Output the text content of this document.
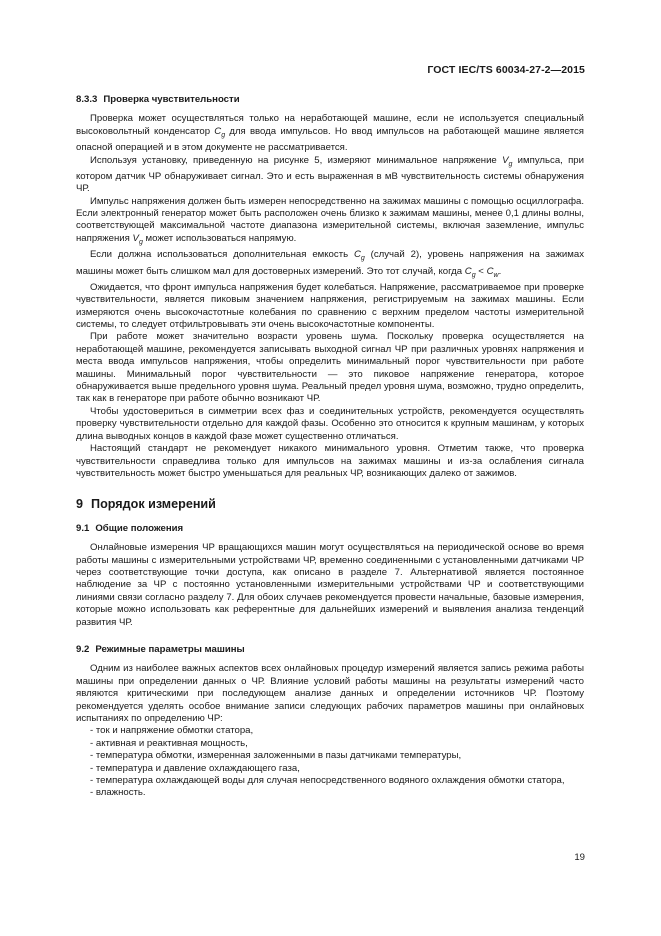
ГОСТ IEC/TS 60034-27-2—2015
8.3.3 Проверка чувствительности

Проверка может осуществляться только на неработающей машине, если не используется специальный высоковольтный конденсатор $C_g$ для ввода импульсов. Но ввод импульсов на работающей машине является опасной операцией и в этом документе не рассматривается.

Используя установку, приведенную на рисунке 5, измеряют минимальное напряжение $V_g$ импульса, при котором датчик ЧР обнаруживает сигнал. Это и есть выраженная в мВ чувствительность системы обнаружения ЧР.

Импульс напряжения должен быть измерен непосредственно на зажимах машины с помощью осциллографа. Если электронный генератор может быть расположен очень близко к зажимам машины, менее 0,1 длины волны, соответствующей максимальной частоте диапазона измерительной системы, включая заземление, импульс напряжения $V_g$ может использоваться напрямую.

Если должна использоваться дополнительная емкость $C_g$ (случай 2), уровень напряжения на зажимах машины может быть слишком мал для достоверных измерений. Это тот случай, когда $C_g < C_w$.

Ожидается, что фронт импульса напряжения будет колебаться. Напряжение, рассматриваемое при проверке чувствительности, является пиковым значением напряжения, регистрируемым на зажимах машины. Если измеряются очень высокочастотные колебания по сравнению с верхним пределом частоты измерительной системы, то следует отфильтровывать эти очень высокочастотные компоненты.

При работе может значительно возрасти уровень шума. Поскольку проверка осуществляется на неработающей машине, рекомендуется записывать выходной сигнал ЧР при различных уровнях напряжения и места ввода импульсов напряжения, чтобы определить минимальный порог чувствительности при работе машины. Минимальный порог чувствительности — это пиковое напряжение генератора, которое обнаруживается выше предельного уровня шума. Реальный предел уровня шума, возможно, трудно определить, так как в генераторе при работе обычно возникают ЧР.

Чтобы удостовериться в симметрии всех фаз и соединительных устройств, рекомендуется осуществлять проверку чувствительности отдельно для каждой фазы. Особенно это относится к крупным машинам, у которых длина выводных концов в каждой фазе может существенно отличаться.

Настоящий стандарт не рекомендует никакого минимального уровня. Отметим также, что проверка чувствительности справедлива только для импульсов на зажимах машины и из-за ослабления сигнала чувствительность может быстро уменьшаться для реальных ЧР, возникающих далеко от зажимов.

9 Порядок измерений
9.1 Общие положения

Онлайновые измерения ЧР вращающихся машин могут осуществляться на периодической основе во время работы машины с измерительными устройствами ЧР, временно соединенными с установленными датчиками ЧР через соответствующие точки доступа, как описано в разделе 7. Альтернативой является постоянное наблюдение за ЧР с постоянно установленными измерительными устройствами ЧР и соответствующими линиями связи согласно разделу 7. Для обоих случаев рекомендуется провести начальные, базовые измерения, которые можно использовать как референтные для дальнейших измерений и выявления анализа тенденций развития ЧР.

9.2 Режимные параметры машины

Одним из наиболее важных аспектов всех онлайновых процедур измерений является запись режима работы машины при определении данных о ЧР. Влияние условий работы машины на результаты измерений часто являются критическими при последующем анализе данных и определении источников ЧР. Поэтому рекомендуется уделять особое внимание записи следующих рабочих параметров машины при онлайновых испытаниях по определению ЧР:

- ток и напряжение обмотки статора,
- активная и реактивная мощность,
- температура обмотки, измеренная заложенными в пазы датчиками температуры,
- температура и давление охлаждающего газа,
- температура охлаждающей воды для случая непосредственного водяного охлаждения обмотки статора,
- влажность.
19
